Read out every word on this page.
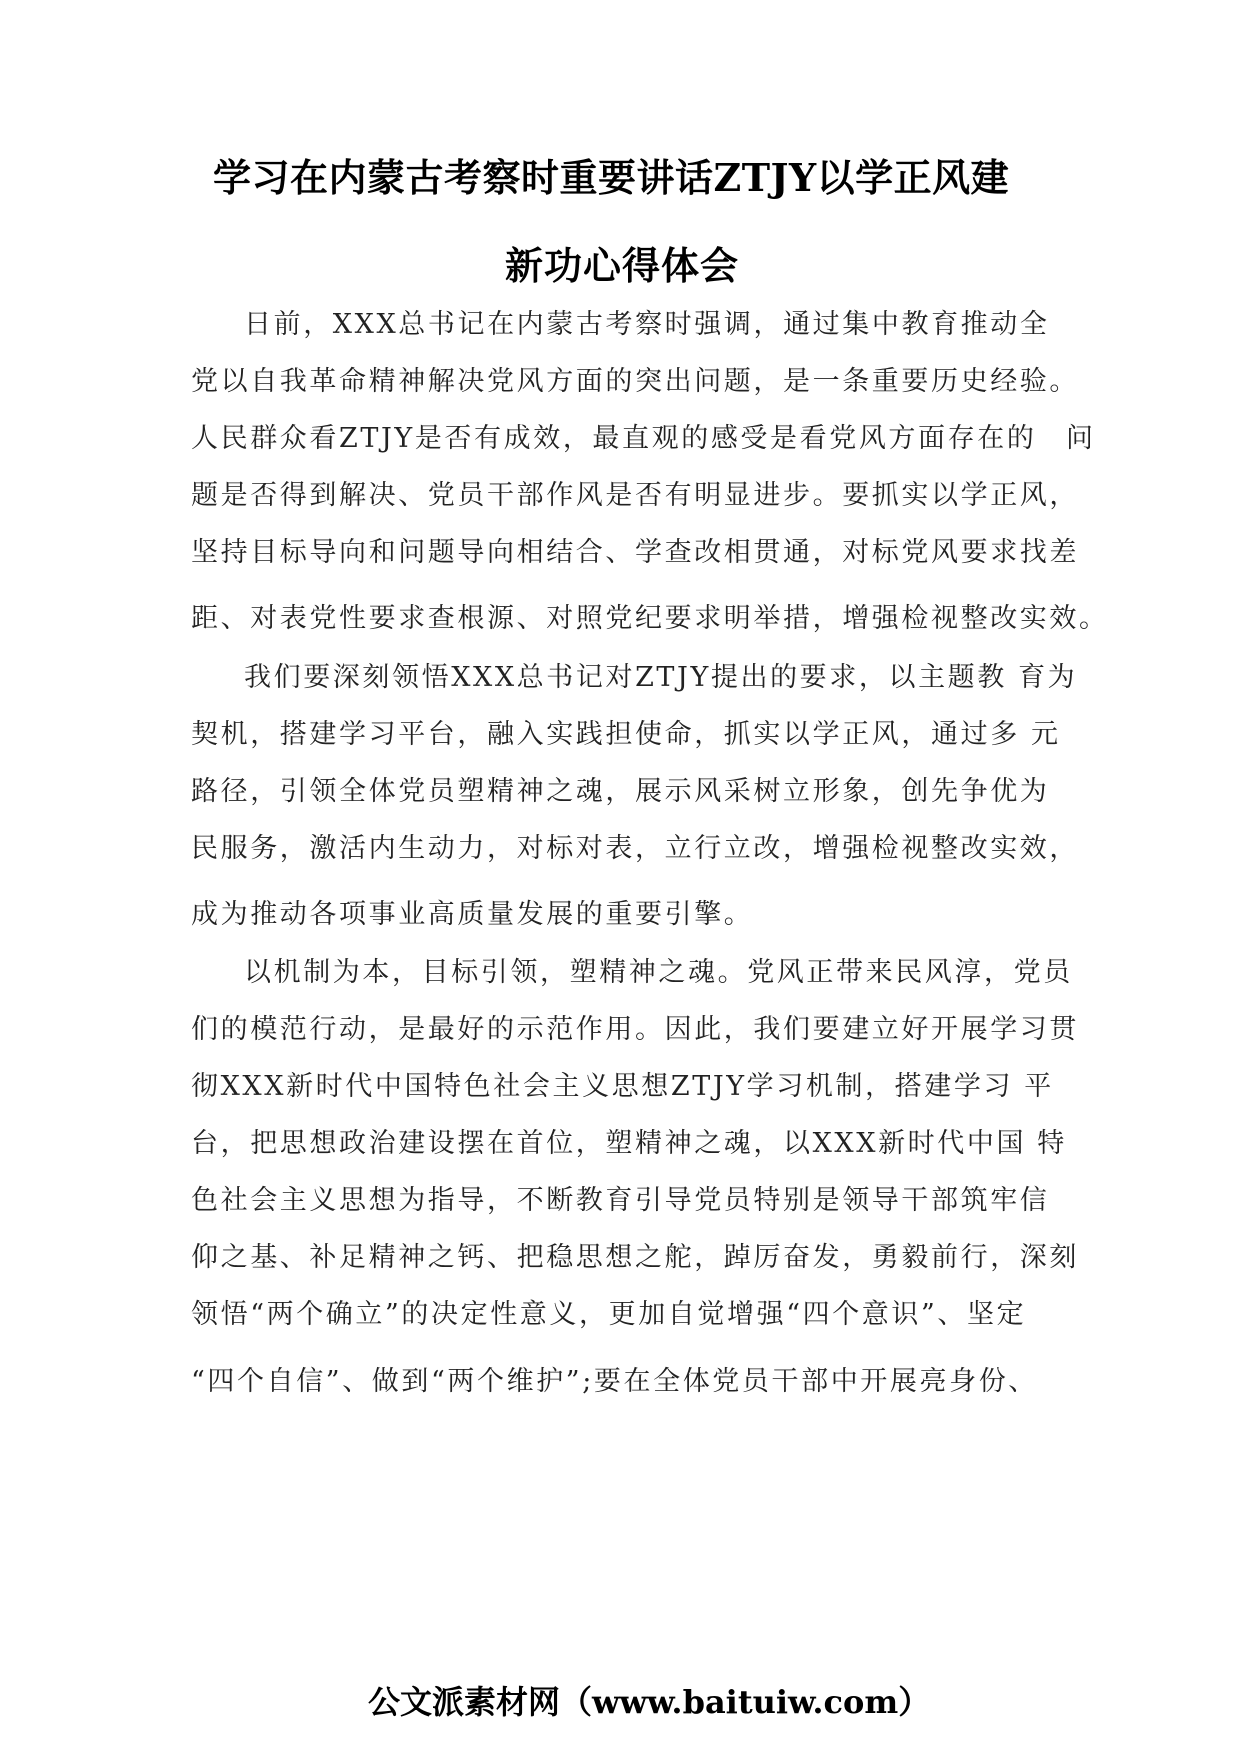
学习在内蒙古考察时重要讲话ZTJY以学正风建
新功心得体会
日前，XXX总书记在内蒙古考察时强调，通过集中教育推动全
党以自我革命精神解决党风方面的突出问题，是一条重要历史经验。
人民群众看ZTJY是否有成效，最直观的感受是看党风方面存在的　问
题是否得到解决、党员干部作风是否有明显进步。要抓实以学正风，
坚持目标导向和问题导向相结合、学查改相贯通，对标党风要求找差
距、对表党性要求查根源、对照党纪要求明举措，增强检视整改实效。
我们要深刻领悟XXX总书记对ZTJY提出的要求，以主题教 育为
契机，搭建学习平台，融入实践担使命，抓实以学正风，通过多 元
路径，引领全体党员塑精神之魂，展示风采树立形象，创先争优为
民服务，激活内生动力，对标对表，立行立改，增强检视整改实效，
成为推动各项事业高质量发展的重要引擎。
以机制为本，目标引领，塑精神之魂。党风正带来民风淳，党员
们的模范行动，是最好的示范作用。因此，我们要建立好开展学习贯
彻XXX新时代中国特色社会主义思想ZTJY学习机制，搭建学习 平
台，把思想政治建设摆在首位，塑精神之魂，以XXX新时代中国 特
色社会主义思想为指导，不断教育引导党员特别是领导干部筑牢信
仰之基、补足精神之钙、把稳思想之舵，踔厉奋发，勇毅前行，深刻
领悟“两个确立”的决定性意义，更加自觉增强“四个意识”、坚定
“四个自信”、做到“两个维护”;要在全体党员干部中开展亮身份、
公文派素材网（www.baituiw.com）
